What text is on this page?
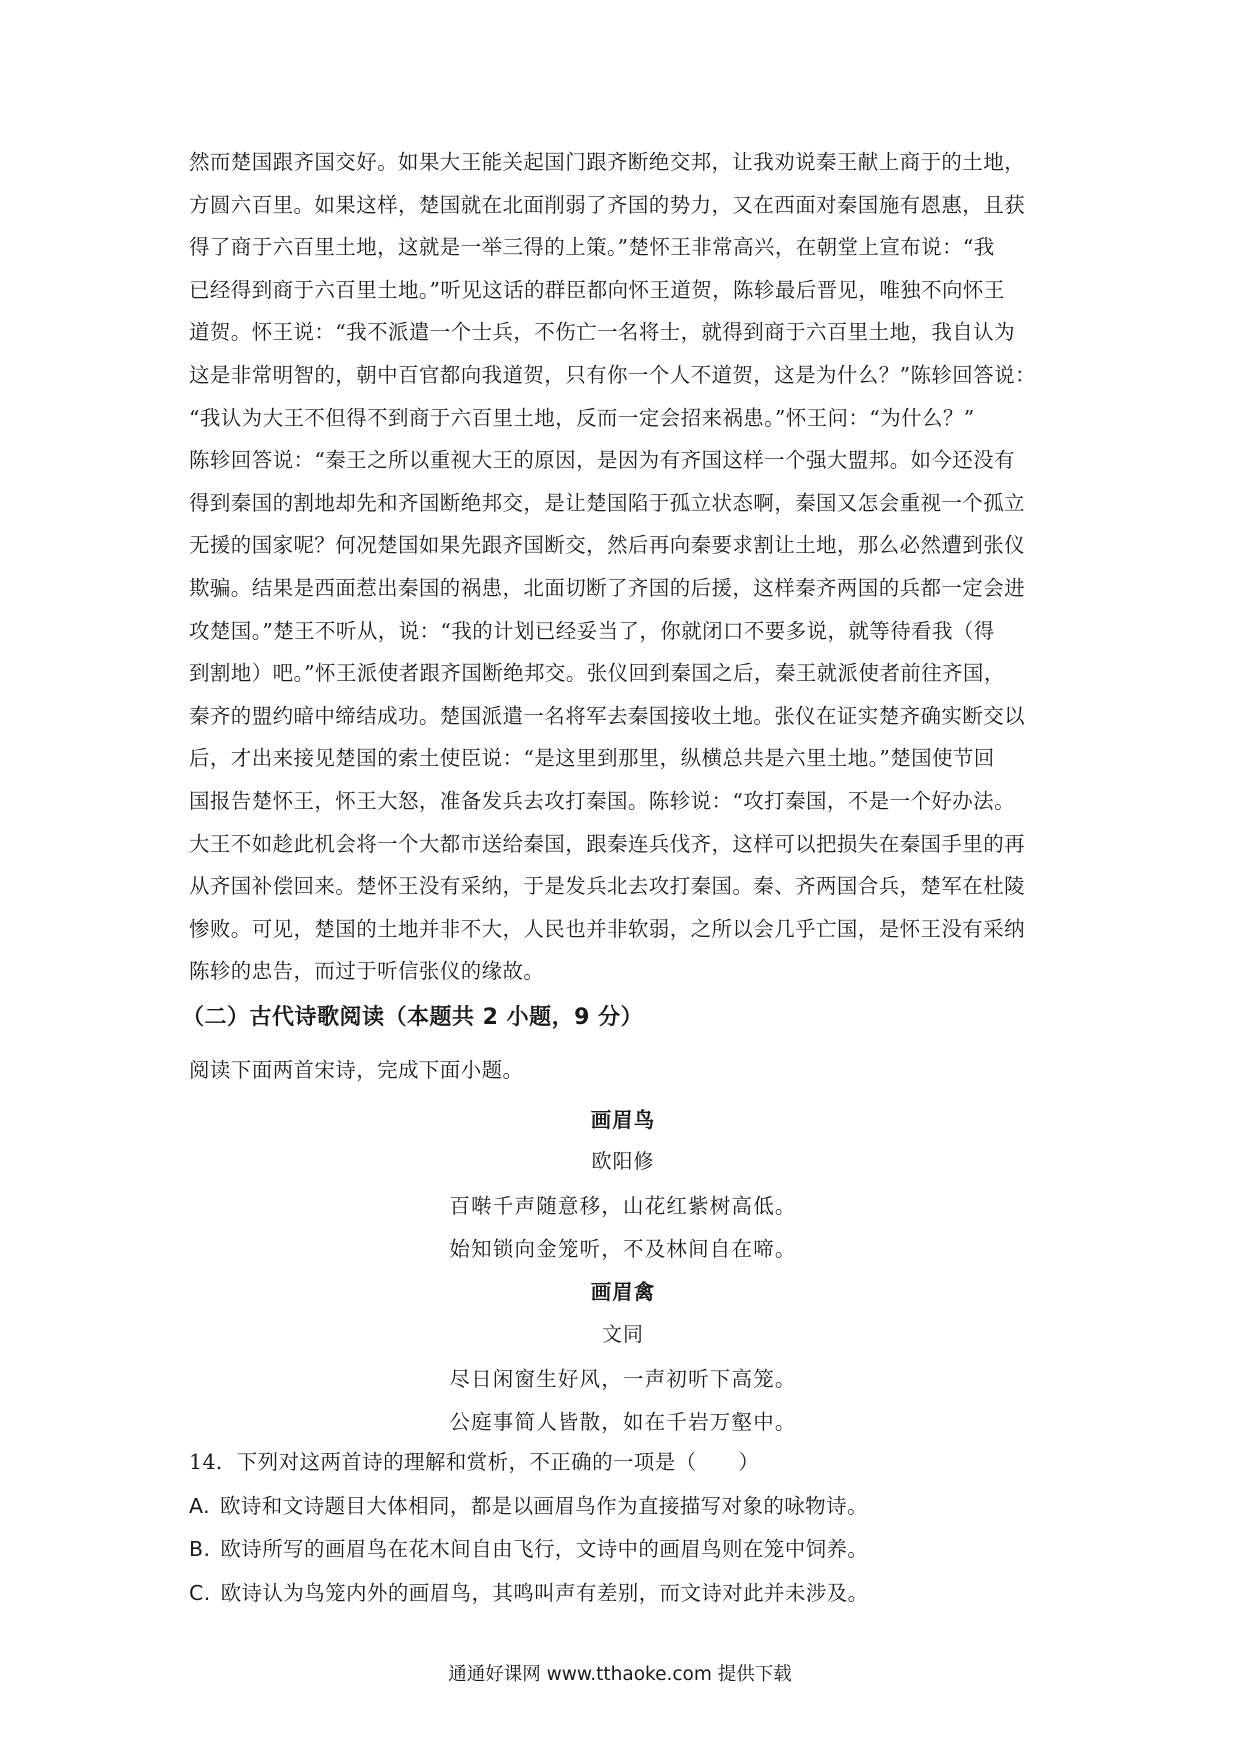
然而楚国跟齐国交好。如果大王能关起国门跟齐断绝交邦，让我劝说秦王献上商于的土地，
方圆六百里。如果这样，楚国就在北面削弱了齐国的势力，又在西面对秦国施有恩惠，且获
得了商于六百里土地，这就是一举三得的上策。”楚怀王非常高兴，在朝堂上宣布说：“我
已经得到商于六百里土地。”听见这话的群臣都向怀王道贺，陈轸最后晋见，唯独不向怀王
道贺。怀王说：“我不派遣一个士兵，不伤亡一名将士，就得到商于六百里土地，我自认为
这是非常明智的，朝中百官都向我道贺，只有你一个人不道贺，这是为什么？”陈轸回答说：
“我认为大王不但得不到商于六百里土地，反而一定会招来祸患。”怀王问：“为什么？”
陈轸回答说：“秦王之所以重视大王的原因，是因为有齐国这样一个强大盟邦。如今还没有
得到秦国的割地却先和齐国断绝邦交，是让楚国陷于孤立状态啊，秦国又怎会重视一个孤立
无援的国家呢？何况楚国如果先跟齐国断交，然后再向秦要求割让土地，那么必然遭到张仪
欺骗。结果是西面惹出秦国的祸患，北面切断了齐国的后援，这样秦齐两国的兵都一定会进
攻楚国。”楚王不听从，说：“我的计划已经妥当了，你就闭口不要多说，就等待看我（得
到割地）吧。”怀王派使者跟齐国断绝邦交。张仪回到秦国之后，秦王就派使者前往齐国，
秦齐的盟约暗中缔结成功。楚国派遣一名将军去秦国接收土地。张仪在证实楚齐确实断交以
后，才出来接见楚国的索土使臣说：“是这里到那里，纵横总共是六里土地。”楚国使节回
国报告楚怀王，怀王大怒，准备发兵去攻打秦国。陈轸说：“攻打秦国，不是一个好办法。
大王不如趁此机会将一个大都市送给秦国，跟秦连兵伐齐，这样可以把损失在秦国手里的再
从齐国补偿回来。楚怀王没有采纳，于是发兵北去攻打秦国。秦、齐两国合兵，楚军在杜陵
惨败。可见，楚国的土地并非不大，人民也并非软弱，之所以会几乎亡国，是怀王没有采纳
陈轸的忠告，而过于听信张仪的缘故。

（二）古代诗歌阅读（本题共 2 小题，9 分）

阅读下面两首宋诗，完成下面小题。

画眉鸟

欧阳修

百啭千声随意移，山花红紫树高低。

始知锁向金笼听，不及林间自在啼。

画眉禽

文同

尽日闲窗生好风，一声初听下高笼。

公庭事简人皆散，如在千岩万壑中。

14．下列对这两首诗的理解和赏析，不正确的一项是（　　）

A. 欧诗和文诗题目大体相同，都是以画眉鸟作为直接描写对象的咏物诗。

B. 欧诗所写的画眉鸟在花木间自由飞行，文诗中的画眉鸟则在笼中饲养。

C. 欧诗认为鸟笼内外的画眉鸟，其鸣叫声有差别，而文诗对此并未涉及。

通通好课网 www.tthaoke.com 提供下载
